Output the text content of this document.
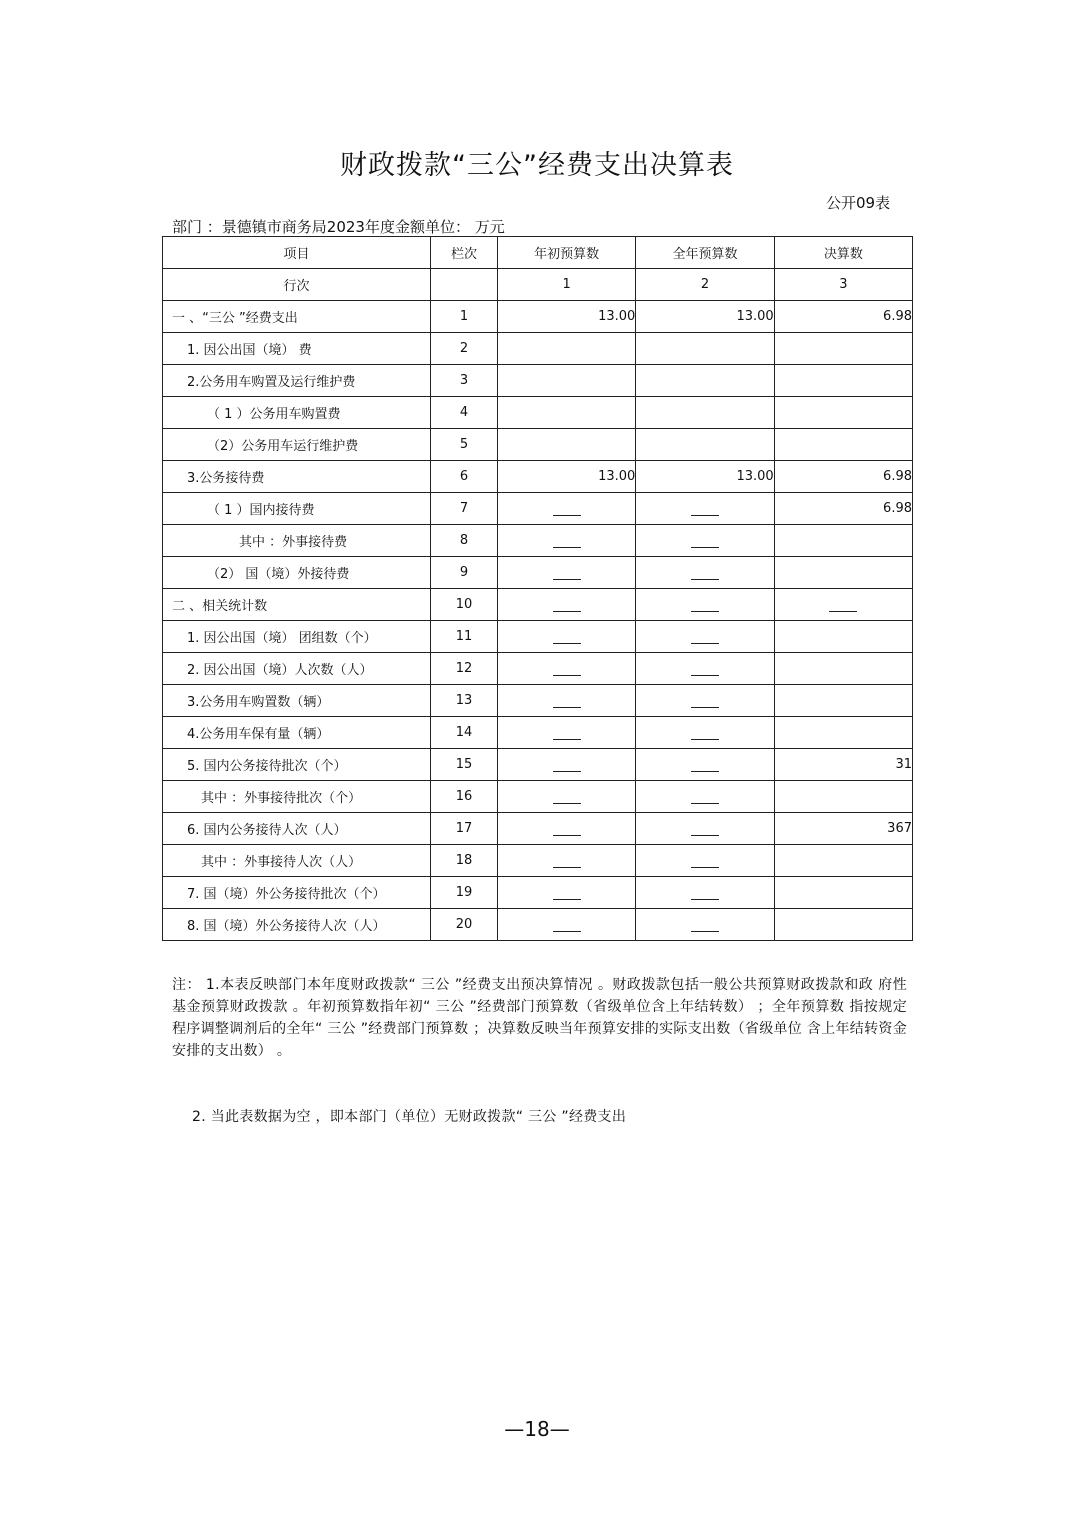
财政拨款“三公”经费支出决算表
公开09表
部门 ：景德镇市商务局2023年度金额单位： 万元
项目	栏次	年初预算数	全年预算数	决算数
行次		1	2	3
一 、“三公 ”经费支出	1	13.00	13.00	6.98
1. 因公出国（境） 费	2			
2.公务用车购置及运行维护费	3			
（ 1 ）公务用车购置费	4			
（2）公务用车运行维护费	5			
3.公务接待费	6	13.00	13.00	6.98
（ 1 ）国内接待费	7			6.98
其中 ：外事接待费	8	

（2） 国（境）外接待费	9	

二 、相关统计数	10	

1. 因公出国（境） 团组数（个）	11	

2. 因公出国（境）人次数（人）	12	

3.公务用车购置数（辆）	13	

4.公务用车保有量（辆）	14	

5. 国内公务接待批次（个）	15			31
其中 ：外事接待批次（个）	16	

6. 国内公务接待人次（人）	17			367
其中 ：外事接待人次（人）	18	

7. 国（境）外公务接待批次（个）	19	

8. 国（境）外公务接待人次（人）	20	

注： 1.本表反映部门本年度财政拨款“ 三公 ”经费支出预决算情况 。财政拨款包括一般公共预算财政拨款和政 府性基金预算财政拨款 。年初预算数指年初“ 三公 ”经费部门预算数（省级单位含上年结转数） ；全年预算数 指按规定程序调整调剂后的全年“ 三公 ”经费部门预算数 ；决算数反映当年预算安排的实际支出数（省级单位 含上年结转资金安排的支出数） 。
2. 当此表数据为空 ，即本部门（单位）无财政拨款“ 三公 ”经费支出
—18—
